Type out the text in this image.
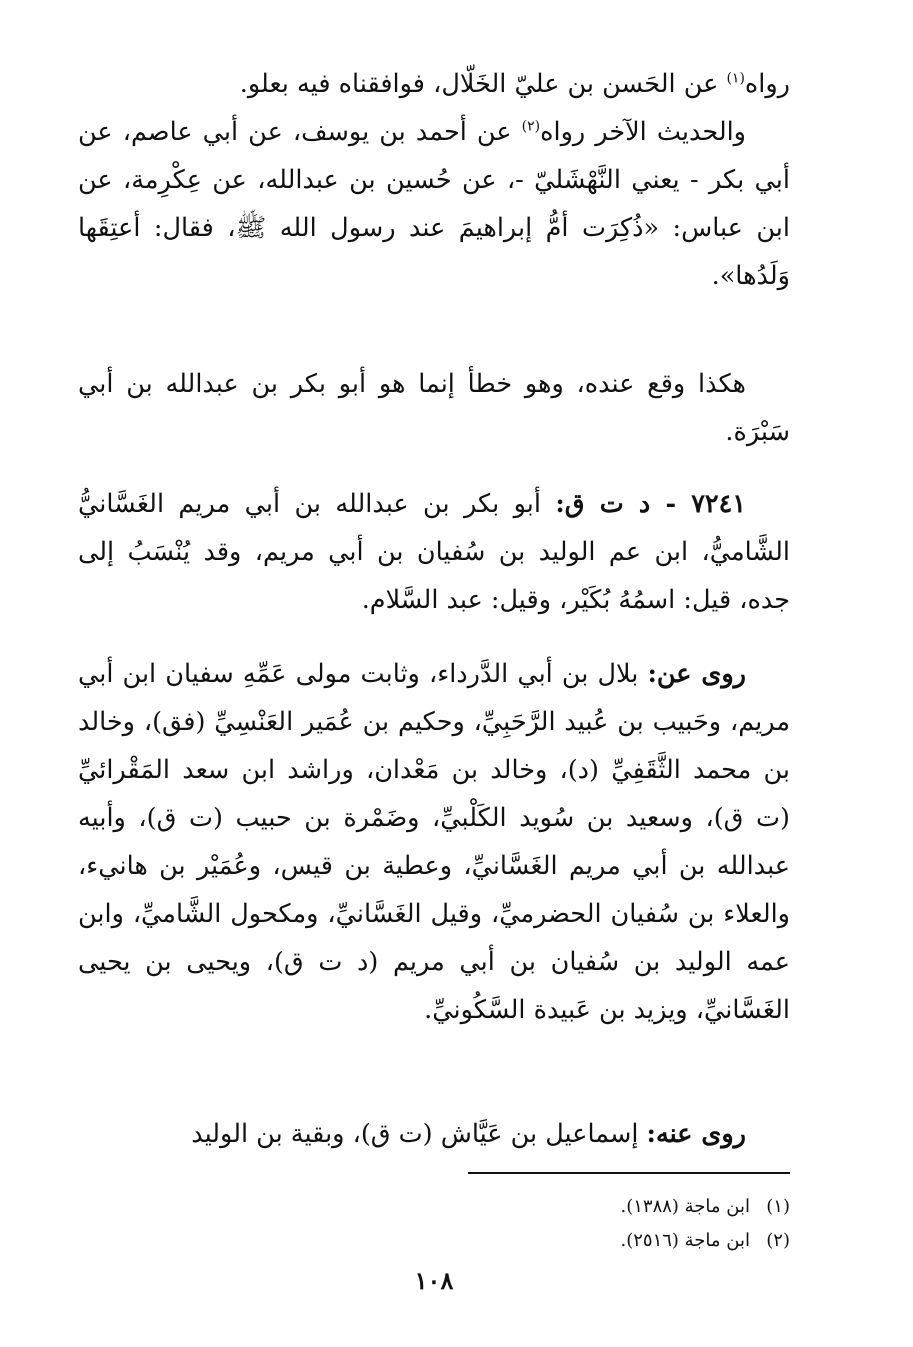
رواه$^{(١)}$ عن الحَسن بن عليّ الخَلّال، فوافقناه فيه بعلو.
والحديث الآخر رواه$^{(٢)}$ عن أحمد بن يوسف، عن أبي عاصم، عن أبي بكر - يعني النَّهْشَليّ -، عن حُسين بن عبدالله، عن عِكْرِمة، عن ابن عباس: «ذُكِرَت أمُّ إبراهيمَ عند رسول الله ﷺ، فقال: أعتِقَها وَلَدُها».

هكذا وقع عنده، وهو خطأ إنما هو أبو بكر بن عبدالله بن أبي سَبْرَة.

٧٢٤١ - د ت ق: أبو بكر بن عبدالله بن أبي مريم الغَسَّانيُّ الشَّاميُّ، ابن عم الوليد بن سُفيان بن أبي مريم، وقد يُنْسَبُ إلى جده، قيل: اسمُهُ بُكَيْر، وقيل: عبد السَّلام.

روى عن: بلال بن أبي الدَّرداء، وثابت مولى عَمِّهِ سفيان ابن أبي مريم، وحَبيب بن عُبيد الرَّحَبِيِّ، وحكيم بن عُمَير العَنْسِيِّ (فق)، وخالد بن محمد الثَّقَفِيِّ (د)، وخالد بن مَعْدان، وراشد ابن سعد المَقْرائيِّ (ت ق)، وسعيد بن سُويد الكَلْبيِّ، وضَمْرة بن حبيب (ت ق)، وأبيه عبدالله بن أبي مريم الغَسَّانيِّ، وعطية بن قيس، وعُمَيْر بن هانيء، والعلاء بن سُفيان الحضرميِّ، وقيل الغَسَّانيِّ، ومكحول الشَّاميِّ، وابن عمه الوليد بن سُفيان بن أبي مريم (د ت ق)، ويحيى بن يحيى الغَسَّانيِّ، ويزيد بن عَبيدة السَّكُونيِّ.

روى عنه: إسماعيل بن عَيَّاش (ت ق)، وبقية بن الوليد

(١)ابن ماجة (١٣٨٨).
(٢)ابن ماجة (٢٥١٦).
١٠٨
